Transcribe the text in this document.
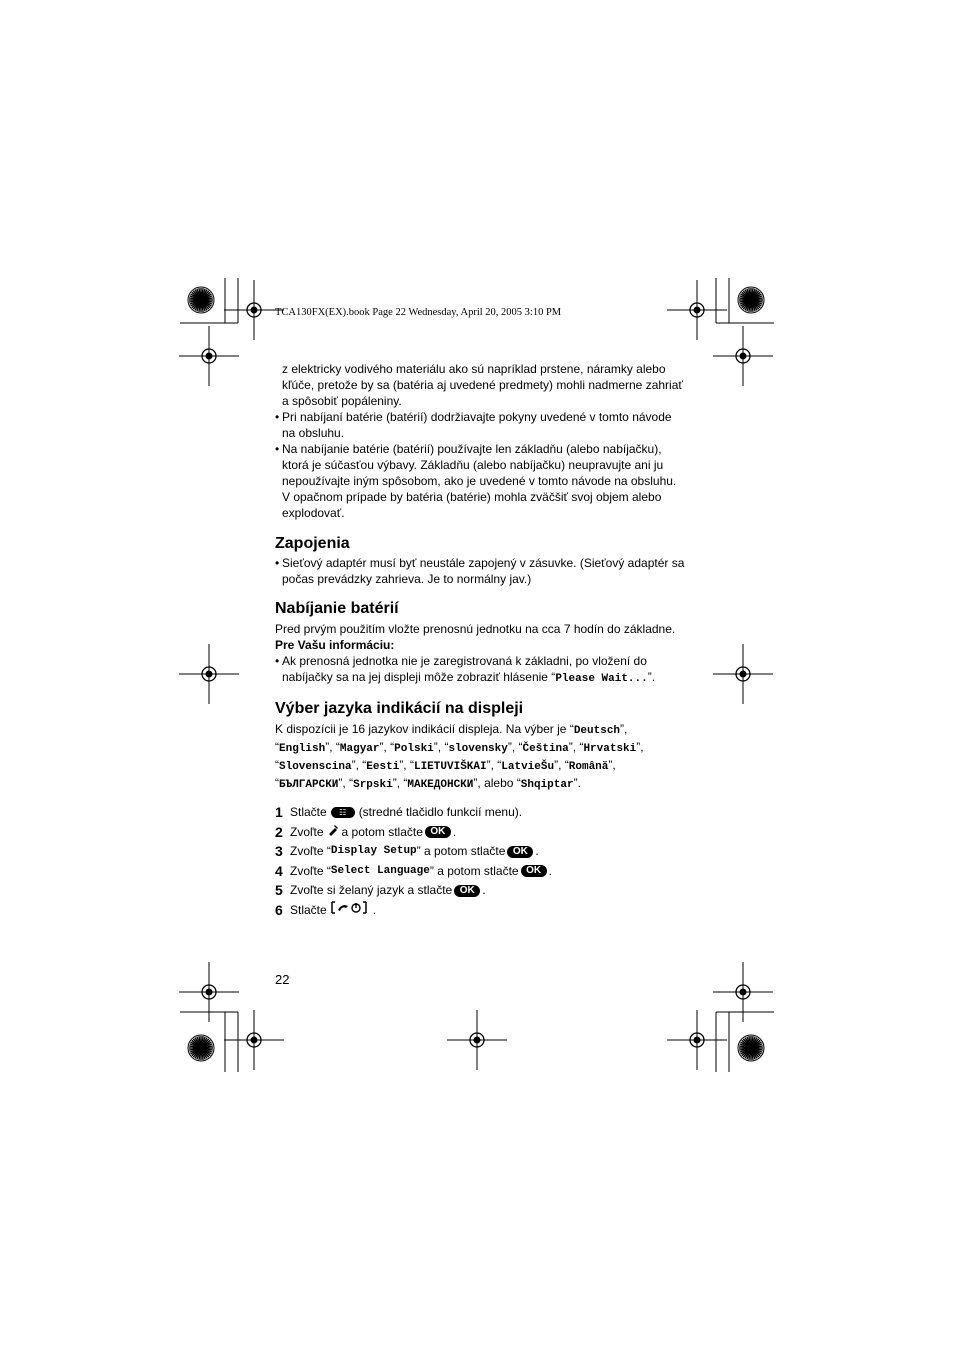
TCA130FX(EX).book Page 22 Wednesday, April 20, 2005 3:10 PM

z elektricky vodivého materiálu ako sú napríklad prstene, náramky alebo kľúče, pretože by sa (batéria aj uvedené predmety) mohli nadmerne zahriať a spôsobiť popáleniny.

• Pri nabíjaní batérie (batérií) dodržiavajte pokyny uvedené v tomto návode na obsluhu.

• Na nabíjanie batérie (batérií) používajte len základňu (alebo nabíjačku), ktorá je súčasťou výbavy. Základňu (alebo nabíjačku) neupravujte ani ju nepoužívajte iným spôsobom, ako je uvedené v tomto návode na obsluhu. V opačnom prípade by batéria (batérie) mohla zväčšiť svoj objem alebo explodovať.

Zapojenia

• Sieťový adaptér musí byť neustále zapojený v zásuvke. (Sieťový adaptér sa počas prevádzky zahrieva. Je to normálny jav.)

Nabíjanie batérií

Pred prvým použitím vložte prenosnú jednotku na cca 7 hodín do základne.

Pre Vašu informáciu:

• Ak prenosná jednotka nie je zaregistrovaná k základni, po vložení do nabíjačky sa na jej displeji môže zobraziť hlásenie “Please Wait...”.

Výber jazyka indikácií na displeji

K dispozícii je 16 jazykov indikácií displeja. Na výber je “Deutsch”, “English”, “Magyar”, “Polski”, “slovensky”, “Čeština”, “Hrvatski”, “Slovenscina”, “Eesti”, “LIETUVIŠKAI”, “LatvieŠu”, “Română”, “БЪЛГАРСКИ”, “Srpski”, “МАКЕДОНСКИ”, alebo “Shqiptar”.

1 Stlačte	☷	(stredné tlačidlo funkcií menu).
2 Zvoľte a potom stlačte OK .
3 Zvoľte “ Display Setup ” a potom stlačte OK .
4 Zvoľte “ Select Language ” a potom stlačte OK .
5 Zvoľte si želaný jazyk a stlačte OK .
6 Stlačte	.
22
